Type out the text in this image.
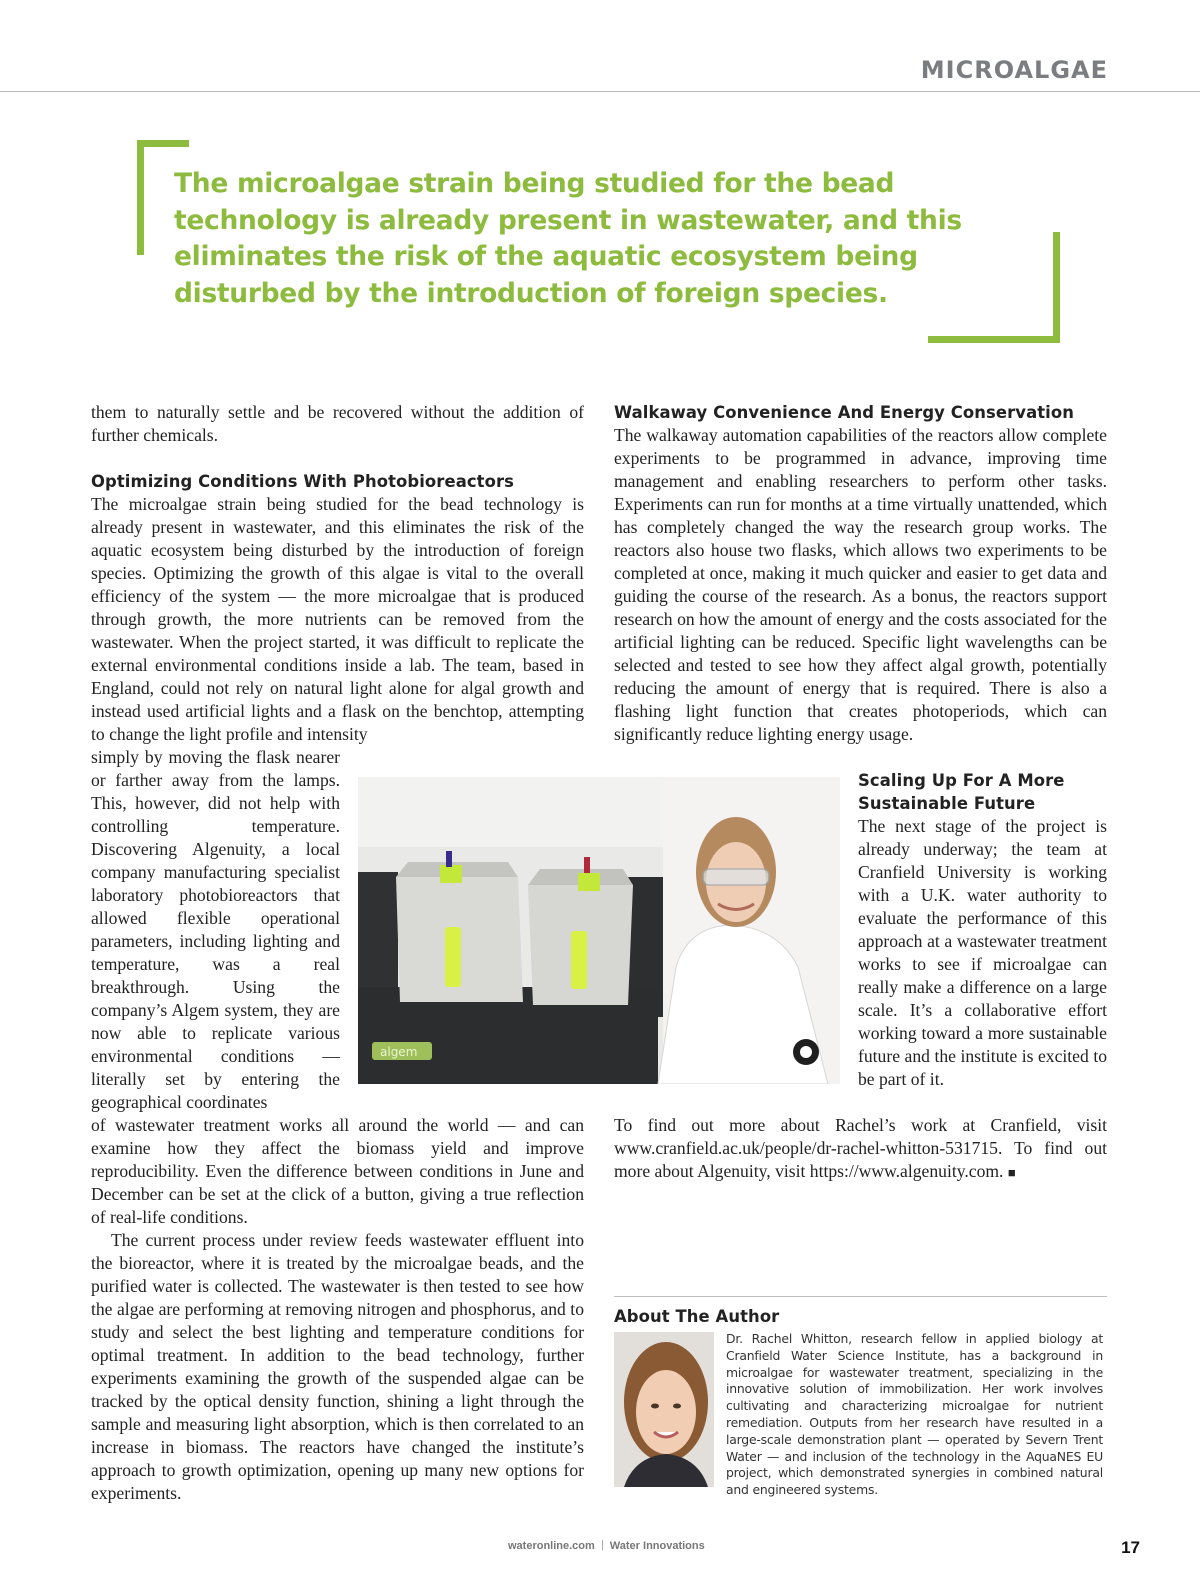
MICROALGAE

The microalgae strain being studied for the bead technology is already present in wastewater, and this eliminates the risk of the aquatic ecosystem being disturbed by the introduction of foreign species.

them to naturally settle and be recovered without the addition of further chemicals.

Optimizing Conditions With Photobioreactors

The microalgae strain being studied for the bead technology is already present in wastewater, and this eliminates the risk of the aquatic ecosystem being disturbed by the introduction of foreign species. Optimizing the growth of this algae is vital to the overall efficiency of the system — the more microalgae that is produced through growth, the more nutrients can be removed from the wastewater. When the project started, it was difficult to replicate the external environmental conditions inside a lab. The team, based in England, could not rely on natural light alone for algal growth and instead used artificial lights and a flask on the benchtop, attempting to change the light profile and intensity

simply by moving the flask nearer or farther away from the lamps. This, however, did not help with controlling temperature. Discovering Algenuity, a local company manufacturing specialist laboratory photobioreactors that allowed flexible operational parameters, including lighting and temperature, was a real breakthrough. Using the company’s Algem system, they are now able to replicate various environmental conditions — literally set by entering the geographical coordinates

of wastewater treatment works all around the world — and can examine how they affect the biomass yield and improve reproducibility. Even the difference between conditions in June and December can be set at the click of a button, giving a true reflection of real-life conditions.

The current process under review feeds wastewater effluent into the bioreactor, where it is treated by the microalgae beads, and the purified water is collected. The wastewater is then tested to see how the algae are performing at removing nitrogen and phosphorus, and to study and select the best lighting and temperature conditions for optimal treatment. In addition to the bead technology, further experiments examining the growth of the suspended algae can be tracked by the optical density function, shining a light through the sample and measuring light absorption, which is then correlated to an increase in biomass. The reactors have changed the institute’s approach to growth optimization, opening up many new options for experiments.

Walkaway Convenience And Energy Conservation

The walkaway automation capabilities of the reactors allow complete experiments to be programmed in advance, improving time management and enabling researchers to perform other tasks. Experiments can run for months at a time virtually unattended, which has completely changed the way the research group works. The reactors also house two flasks, which allows two experiments to be completed at once, making it much quicker and easier to get data and guiding the course of the research. As a bonus, the reactors support research on how the amount of energy and the costs associated for the artificial lighting can be reduced. Specific light wavelengths can be selected and tested to see how they affect algal growth, potentially reducing the amount of energy that is required. There is also a flashing light function that creates photoperiods, which can significantly reduce lighting energy usage.

Scaling Up For A More Sustainable Future

The next stage of the project is already underway; the team at Cranfield University is working with a U.K. water authority to evaluate the performance of this approach at a wastewater treatment works to see if microalgae can really make a difference on a large scale. It’s a collaborative effort working toward a more sustainable future and the institute is excited to be part of it.

To find out more about Rachel’s work at Cranfield, visit www.cranfield.ac.uk/people/dr-rachel-whitton-531715. To find out more about Algenuity, visit https://www.algenuity.com. ■

algem
About The Author

Dr. Rachel Whitton, research fellow in applied biology at Cranfield Water Science Institute, has a background in microalgae for wastewater treatment, specializing in the innovative solution of immobilization. Her work involves cultivating and characterizing microalgae for nutrient remediation. Outputs from her research have resulted in a large-scale demonstration plant — operated by Severn Trent Water — and inclusion of the technology in the AquaNES EU project, which demonstrated synergies in combined natural and engineered systems.

wateronline.com Water Innovations	17
